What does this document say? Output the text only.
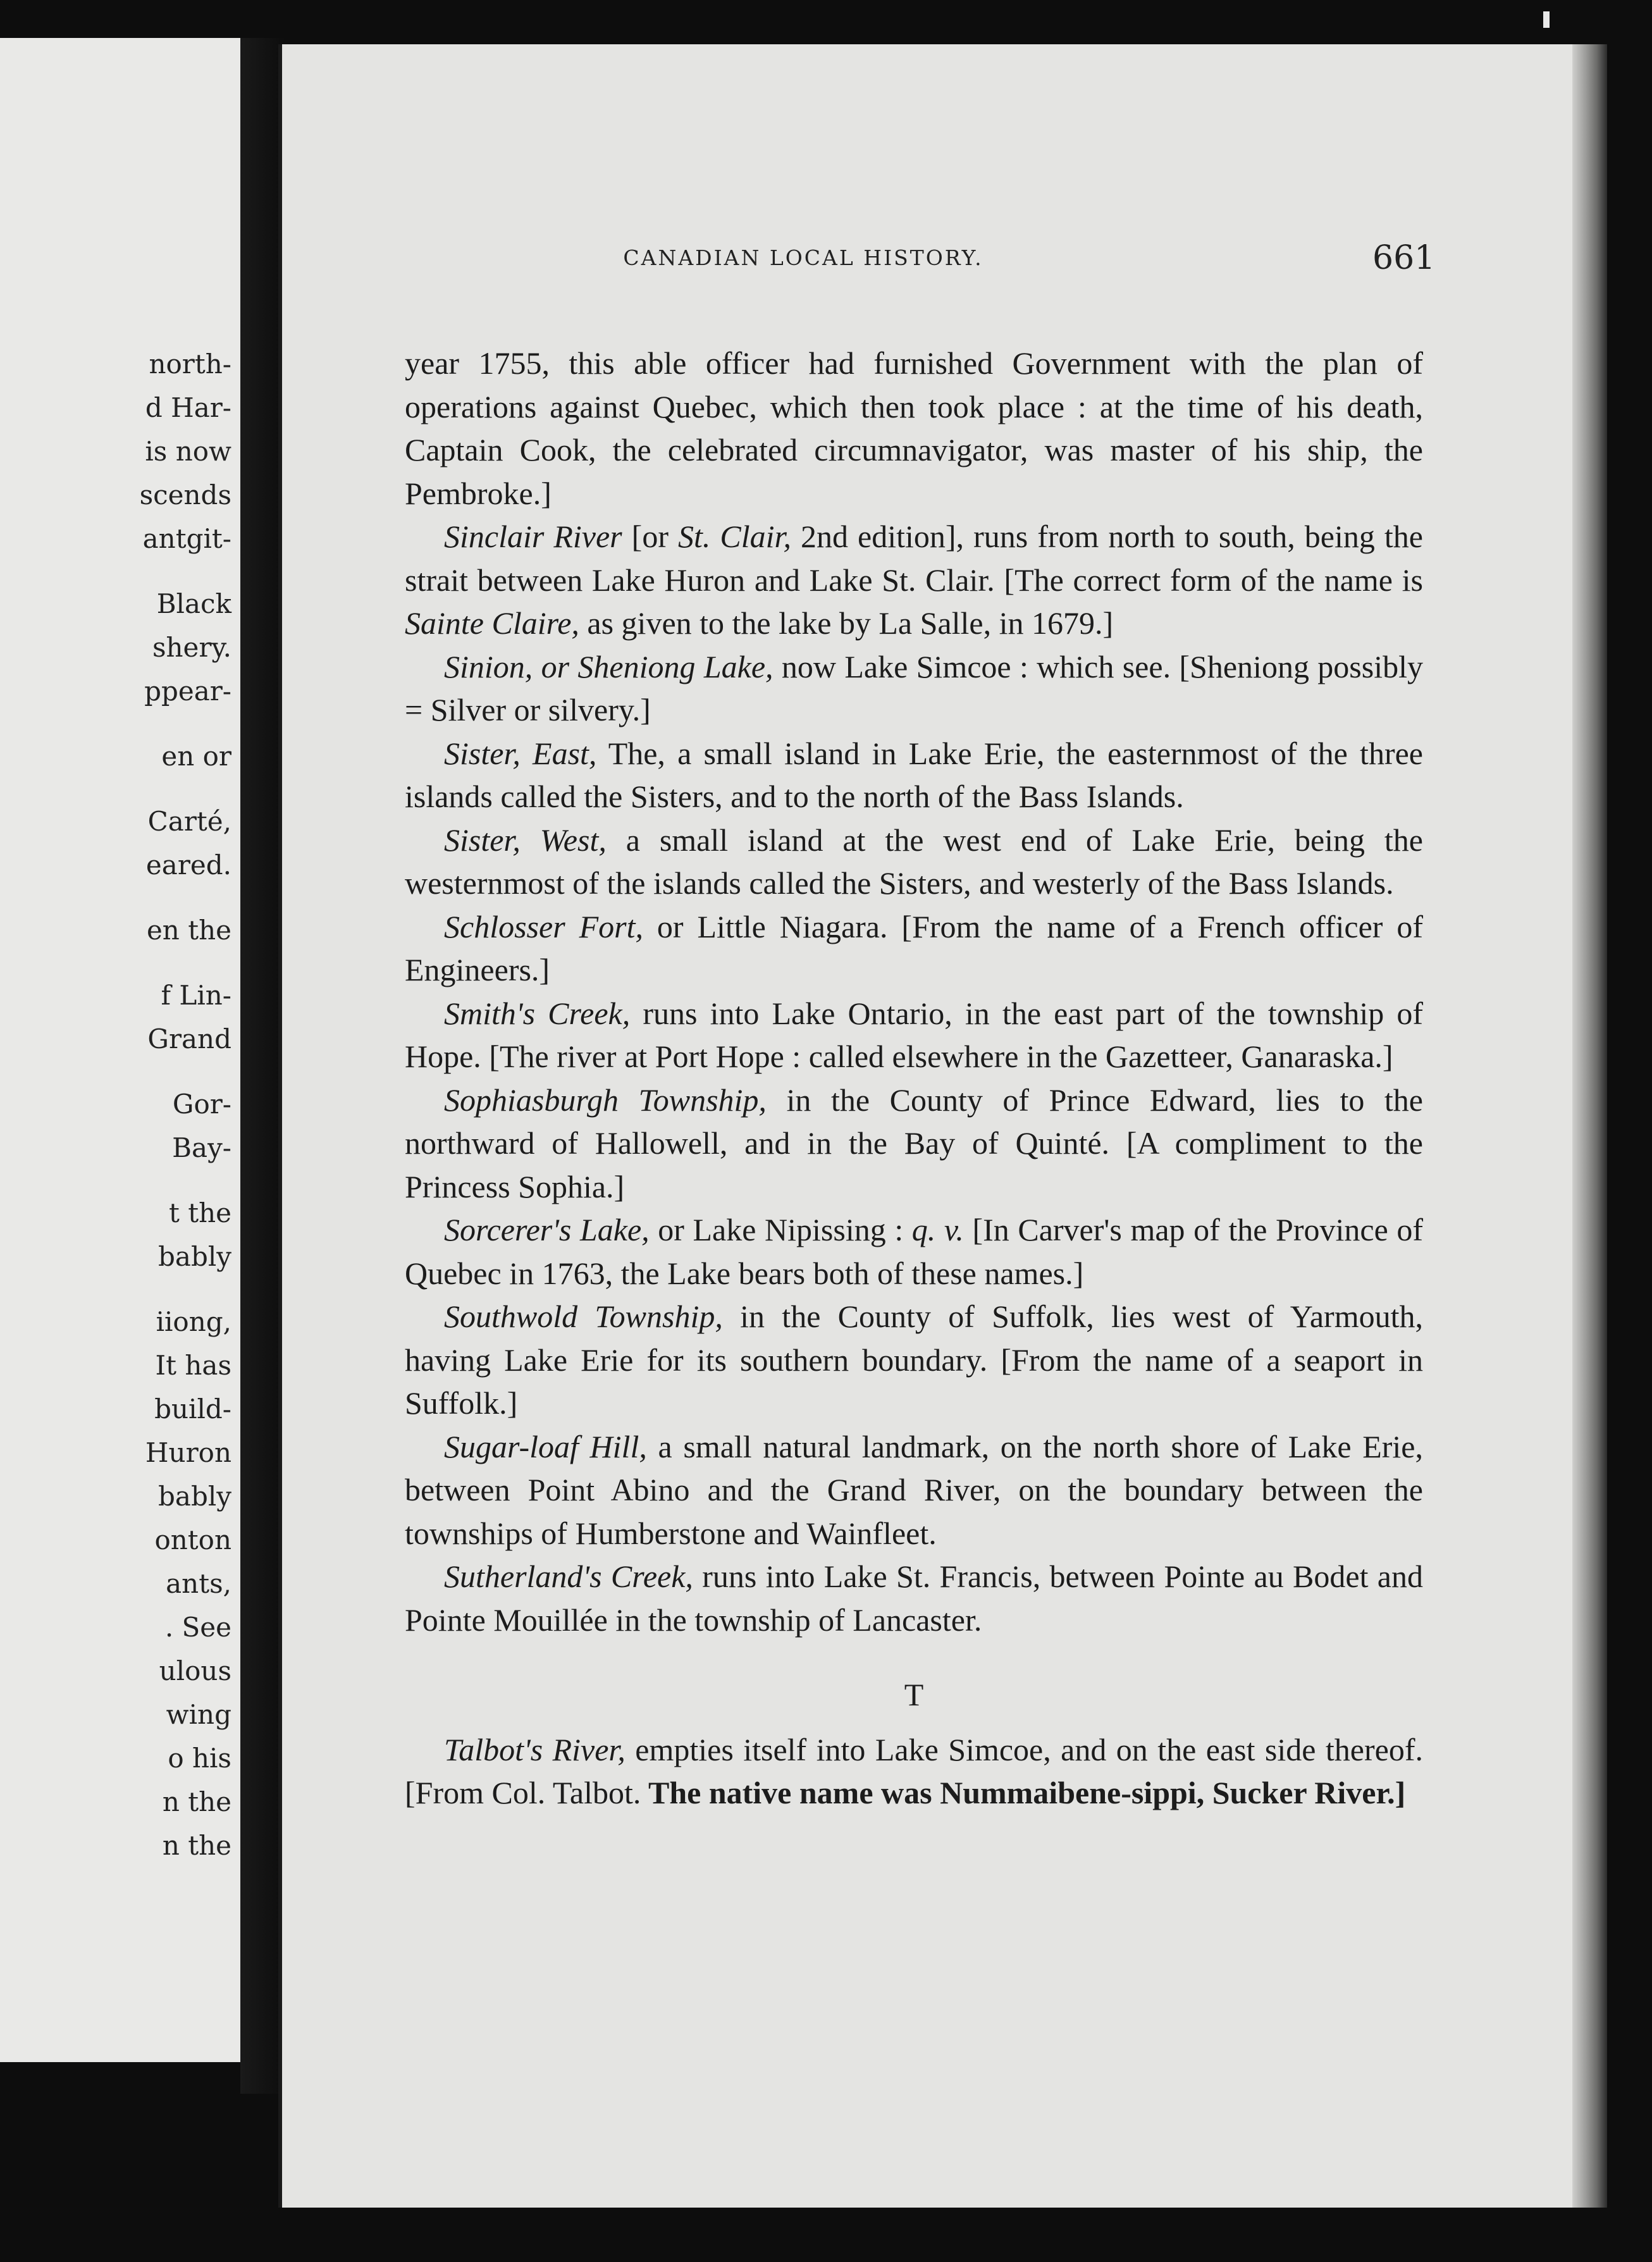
north-
d Har-
is now
scends
antgit-
Black
shery.
ppear-
en or
Carté,
eared.
en the
f Lin-
Grand
Gor-
Bay-
t the
bably
iiong,
It has
build-
Huron
bably
onton
ants,
. See
ulous
wing
o his
n the
n the
CANADIAN LOCAL HISTORY.	661

year 1755, this able officer had furnished Government with the plan of operations against Quebec, which then took place : at the time of his death, Captain Cook, the celebrated circumnavigator, was master of his ship, the Pembroke.]

Sinclair River [or St. Clair, 2nd edition], runs from north to south, being the strait between Lake Huron and Lake St. Clair. [The correct form of the name is Sainte Claire, as given to the lake by La Salle, in 1679.]

Sinion, or Sheniong Lake, now Lake Simcoe : which see. [Sheniong possibly = Silver or silvery.]

Sister, East, The, a small island in Lake Erie, the easternmost of the three islands called the Sisters, and to the north of the Bass Islands.

Sister, West, a small island at the west end of Lake Erie, being the westernmost of the islands called the Sisters, and westerly of the Bass Islands.

Schlosser Fort, or Little Niagara. [From the name of a French officer of Engineers.]

Smith's Creek, runs into Lake Ontario, in the east part of the township of Hope. [The river at Port Hope : called elsewhere in the Gazetteer, Ganaraska.]

Sophiasburgh Township, in the County of Prince Edward, lies to the northward of Hallowell, and in the Bay of Quinté. [A compliment to the Princess Sophia.]

Sorcerer's Lake, or Lake Nipissing : q. v. [In Carver's map of the Province of Quebec in 1763, the Lake bears both of these names.]

Southwold Township, in the County of Suffolk, lies west of Yarmouth, having Lake Erie for its southern boundary. [From the name of a seaport in Suffolk.]

Sugar-loaf Hill, a small natural landmark, on the north shore of Lake Erie, between Point Abino and the Grand River, on the boundary between the townships of Humberstone and Wainfleet.

Sutherland's Creek, runs into Lake St. Francis, between Pointe au Bodet and Pointe Mouillée in the township of Lancaster.

T

Talbot's River, empties itself into Lake Simcoe, and on the east side thereof. [From Col. Talbot. The native name was Nummaibene-sippi, Sucker River.]
